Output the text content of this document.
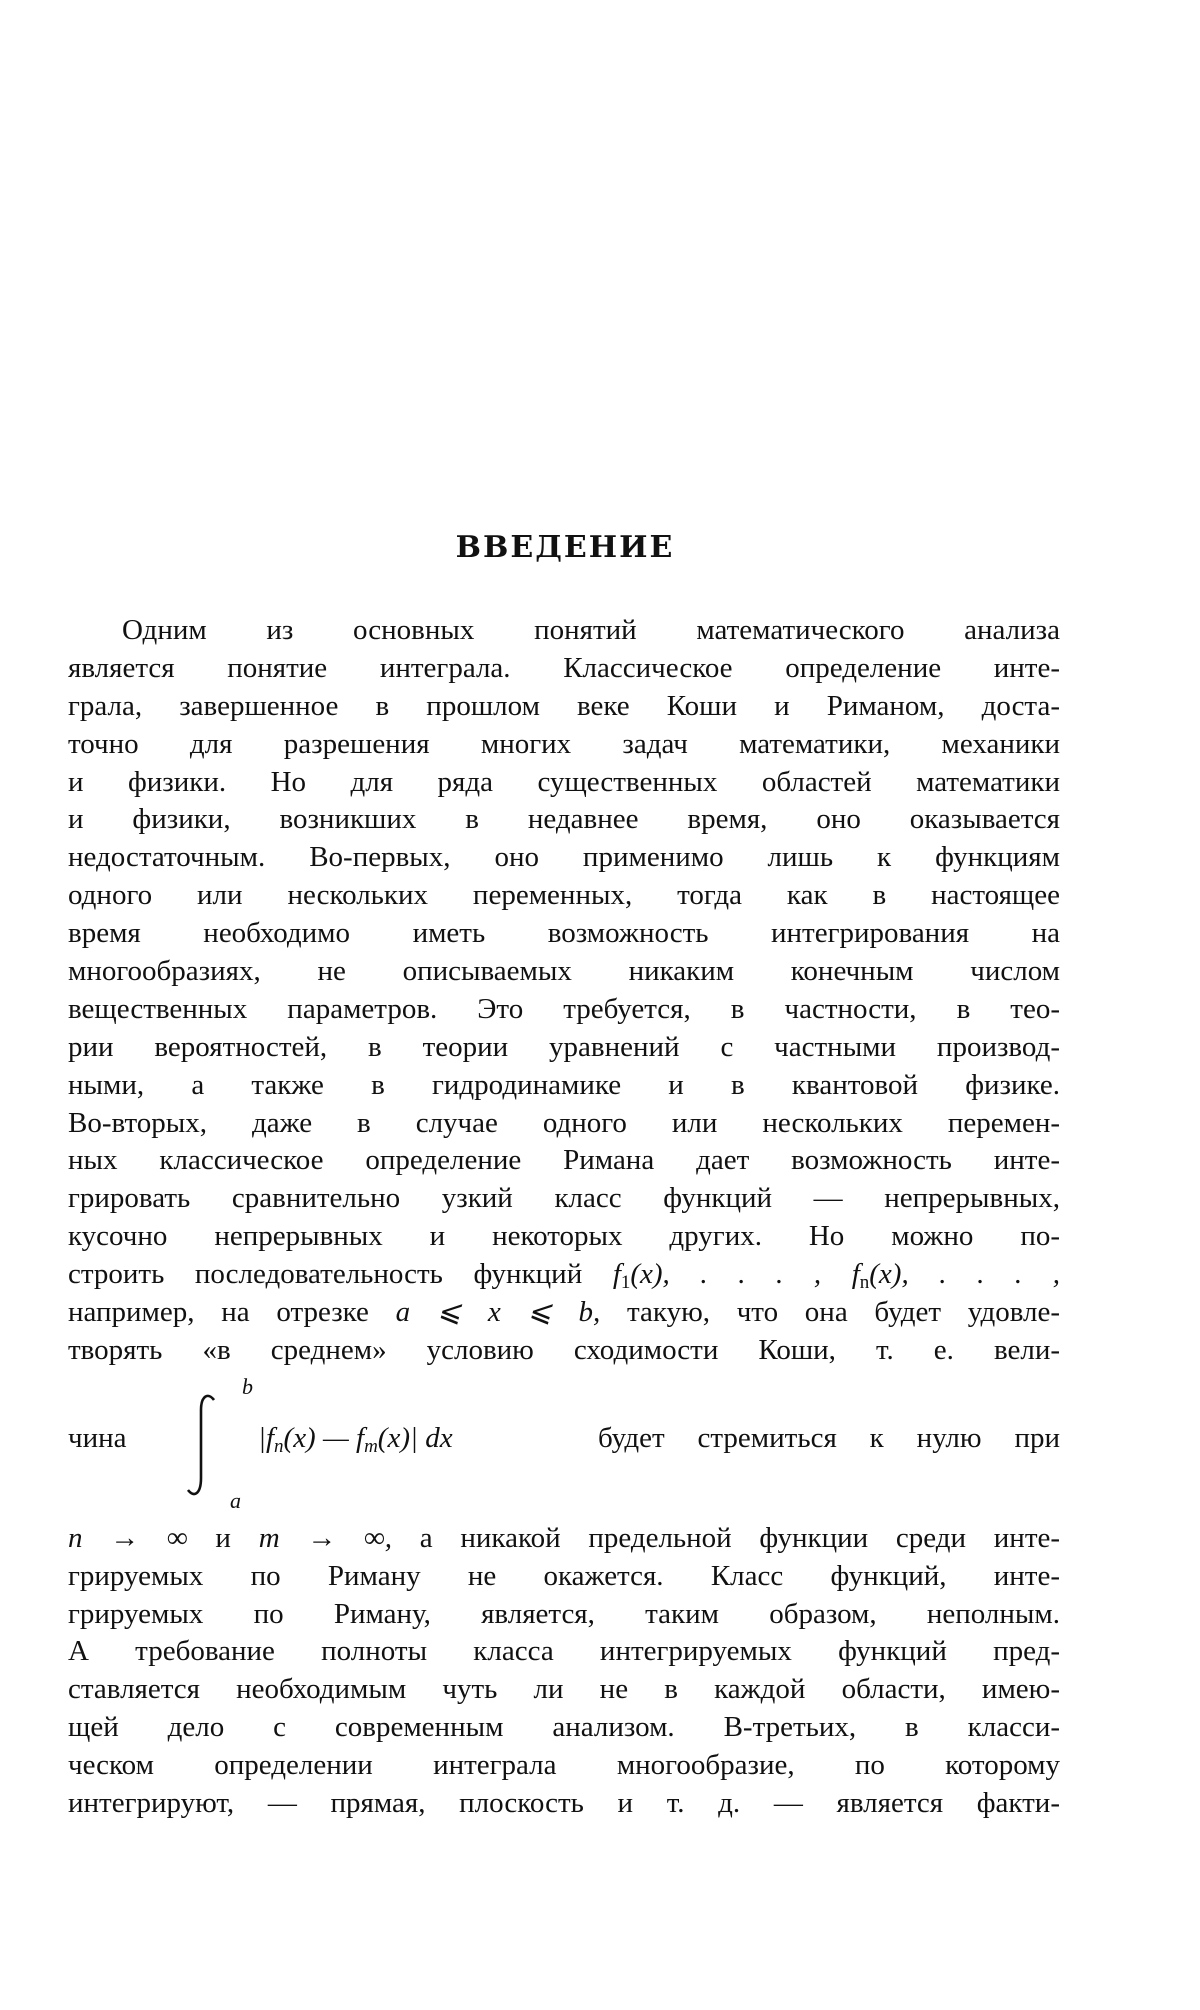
ВВЕДЕНИЕ
Одним из основных понятий математического анализа
является понятие интеграла. Классическое определение инте-
грала, завершенное в прошлом веке Коши и Риманом, доста-
точно для разрешения многих задач математики, механики
и физики. Но для ряда существенных областей математики
и физики, возникших в недавнее время, оно оказывается
недостаточным. Во-первых, оно применимо лишь к функциям
одного или нескольких переменных, тогда как в настоящее
время необходимо иметь возможность интегрирования на
многообразиях, не описываемых никаким конечным числом
вещественных параметров. Это требуется, в частности, в тео-
рии вероятностей, в теории уравнений с частными производ-
ными, а также в гидродинамике и в квантовой физике.
Во-вторых, даже в случае одного или нескольких перемен-
ных классическое определение Римана дает возможность инте-
грировать сравнительно узкий класс функций — непрерывных,
кусочно непрерывных и некоторых других. Но можно по-
строить последовательность функций $f_1(x)$, . . . , $f_n(x)$, . . . ,
например, на отрезке a ⩽ x ⩽ b, такую, что она будет удовле-
творять «в среднем» условию сходимости Коши, т. е. вели-
чина
b
a
$|f_n(x)$ — $f_m(x)|$ dx	будет стремиться к нулю при
n → ∞ и m → ∞, а никакой предельной функции среди инте-
грируемых по Риману не окажется. Класс функций, инте-
грируемых по Риману, является, таким образом, неполным.
А требование полноты класса интегрируемых функций пред-
ставляется необходимым чуть ли не в каждой области, имею-
щей дело с современным анализом. В-третьих, в класси-
ческом определении интеграла многообразие, по которому
интегрируют, — прямая, плоскость и т. д. — является факти-
